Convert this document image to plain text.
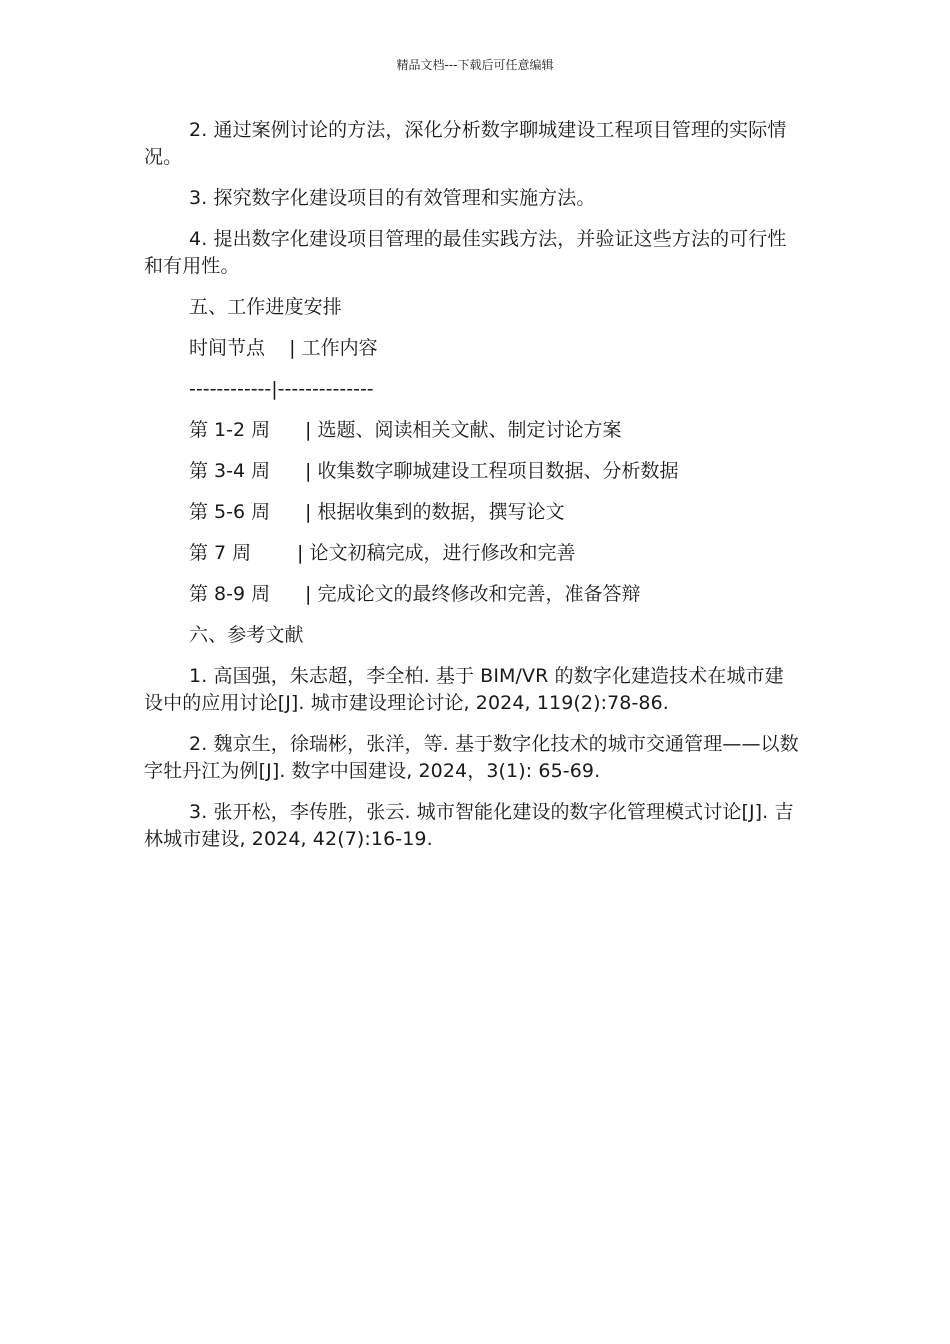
精品文档---下载后可任意编辑

2. 通过案例讨论的方法，深化分析数字聊城建设工程项目管理的实际情况。

3. 探究数字化建设项目的有效管理和实施方法。

4. 提出数字化建设项目管理的最佳实践方法，并验证这些方法的可行性和有用性。

五、工作进度安排

时间节点    | 工作内容
------------|--------------
第 1-2 周	| 选题、阅读相关文献、制定讨论方案
第 3-4 周	| 收集数字聊城建设工程项目数据、分析数据
第 5-6 周	| 根据收集到的数据，撰写论文
第 7 周	| 论文初稿完成，进行修改和完善
第 8-9 周	| 完成论文的最终修改和完善，准备答辩

六、参考文献

1. 高国强，朱志超，李全柏. 基于 BIM/VR 的数字化建造技术在城市建设中的应用讨论[J]. 城市建设理论讨论, 2024, 119(2):78-86.

2. 魏京生，徐瑞彬，张洋，等. 基于数字化技术的城市交通管理——以数字牡丹江为例[J]. 数字中国建设, 2024，3(1): 65-69.

3. 张开松，李传胜，张云. 城市智能化建设的数字化管理模式讨论[J]. 吉林城市建设, 2024, 42(7):16-19.
